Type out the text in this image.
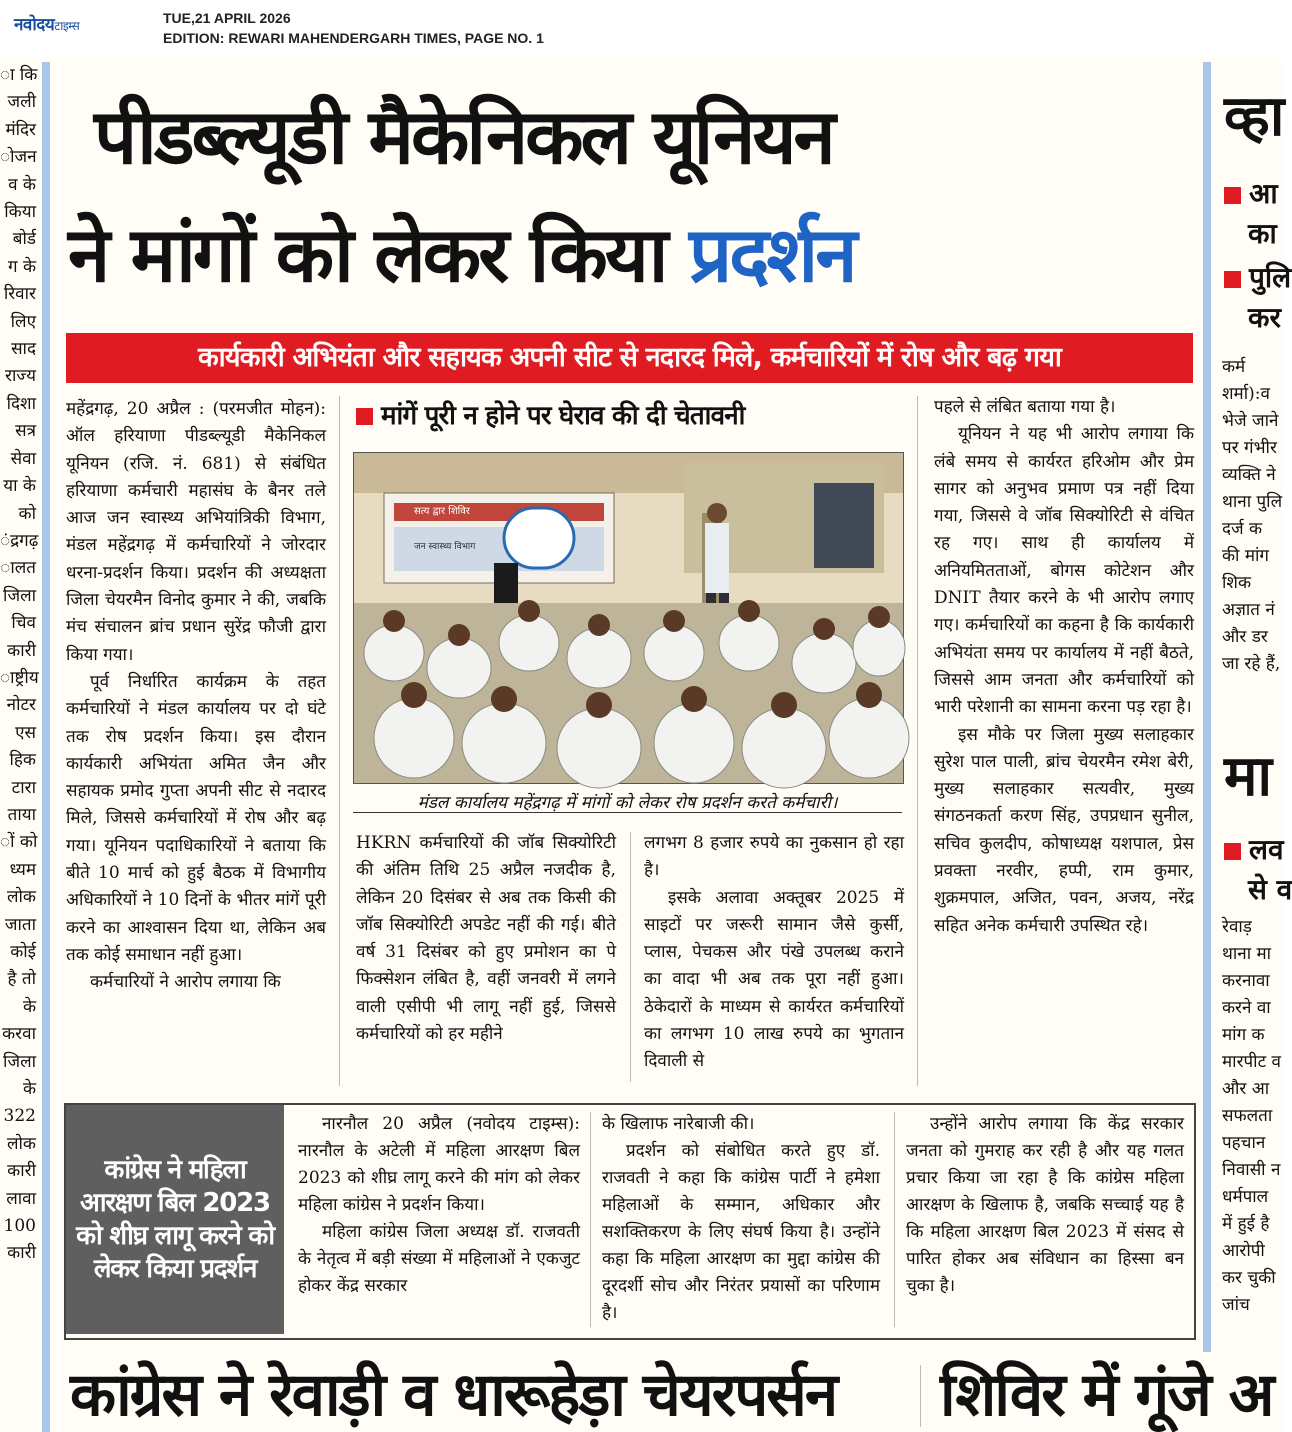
नवोदयटाइम्स	TUE,21 APRIL 2026
EDITION: REWARI MAHENDERGARH TIMES, PAGE NO. 1
ा कि
जली
मंदिर
ोजन
व के
किया
बोर्ड
ग के
रिवार
लिए
साद
राज्य
दिशा
सत्र
सेवा
या के
को
ंद्रगढ़
ालत
जिला
चिव
कारी
ाष्ट्रीय
नोटर
एस
हिक
टारा
ताया
ों को
ध्यम
लोक
जाता
कोई
है तो
के
करवा
जिला
के
322
लोक
कारी
लावा
100
कारी
पीडब्ल्यूडी मैकेनिकल यूनियन
ने मांगों को लेकर किया प्रदर्शन
कार्यकारी अभियंता और सहायक अपनी सीट से नदारद मिले, कर्मचारियों में रोष और बढ़ गया
मांगें पूरी न होने पर घेराव की दी चेतावनी

महेंद्रगढ़, 20 अप्रैल : (परमजीत मोहन): ऑल हरियाणा पीडब्ल्यूडी मैकेनिकल यूनियन (रजि. नं. 681) से संबंधित हरियाणा कर्मचारी महासंघ के बैनर तले आज जन स्वास्थ्य अभियांत्रिकी विभाग, मंडल महेंद्रगढ़ में कर्मचारियों ने जोरदार धरना-प्रदर्शन किया। प्रदर्शन की अध्यक्षता जिला चेयरमैन विनोद कुमार ने की, जबकि मंच संचालन ब्रांच प्रधान सुरेंद्र फौजी द्वारा किया गया।

पूर्व निर्धारित कार्यक्रम के तहत कर्मचारियों ने मंडल कार्यालय पर दो घंटे तक रोष प्रदर्शन किया। इस दौरान कार्यकारी अभियंता अमित जैन और सहायक प्रमोद गुप्ता अपनी सीट से नदारद मिले, जिससे कर्मचारियों में रोष और बढ़ गया। यूनियन पदाधिकारियों ने बताया कि बीते 10 मार्च को हुई बैठक में विभागीय अधिकारियों ने 10 दिनों के भीतर मांगें पूरी करने का आश्वासन दिया था, लेकिन अब तक कोई समाधान नहीं हुआ।

कर्मचारियों ने आरोप लगाया कि

सत्य द्वार शिविर
जन स्वास्थ्य विभाग
मंडल कार्यालय महेंद्रगढ़ में मांगों को लेकर रोष प्रदर्शन करते कर्मचारी।

HKRN कर्मचारियों की जॉब सिक्योरिटी की अंतिम तिथि 25 अप्रैल नजदीक है, लेकिन 20 दिसंबर से अब तक किसी की जॉब सिक्योरिटी अपडेट नहीं की गई। बीते वर्ष 31 दिसंबर को हुए प्रमोशन का पे फिक्सेशन लंबित है, वहीं जनवरी में लगने वाली एसीपी भी लागू नहीं हुई, जिससे कर्मचारियों को हर महीने

लगभग 8 हजार रुपये का नुकसान हो रहा है।

इसके अलावा अक्तूबर 2025 में साइटों पर जरूरी सामान जैसे कुर्सी, प्लास, पेचकस और पंखे उपलब्ध कराने का वादा भी अब तक पूरा नहीं हुआ। ठेकेदारों के माध्यम से कार्यरत कर्मचारियों का लगभग 10 लाख रुपये का भुगतान दिवाली से

पहले से लंबित बताया गया है।

यूनियन ने यह भी आरोप लगाया कि लंबे समय से कार्यरत हरिओम और प्रेम सागर को अनुभव प्रमाण पत्र नहीं दिया गया, जिससे वे जॉब सिक्योरिटी से वंचित रह गए। साथ ही कार्यालय में अनियमितताओं, बोगस कोटेशन और DNIT तैयार करने के भी आरोप लगाए गए। कर्मचारियों का कहना है कि कार्यकारी अभियंता समय पर कार्यालय में नहीं बैठते, जिससे आम जनता और कर्मचारियों को भारी परेशानी का सामना करना पड़ रहा है।

इस मौके पर जिला मुख्य सलाहकार सुरेश पाल पाली, ब्रांच चेयरमैन रमेश बेरी, मुख्य सलाहकार सत्यवीर, मुख्य संगठनकर्ता करण सिंह, उपप्रधान सुनील, सचिव कुलदीप, कोषाध्यक्ष यशपाल, प्रेस प्रवक्ता नरवीर, हप्पी, राम कुमार, शुक्रमपाल, अजित, पवन, अजय, नरेंद्र सहित अनेक कर्मचारी उपस्थित रहे।

कांग्रेस ने महिला आरक्षण बिल 2023 को शीघ्र लागू करने को लेकर किया प्रदर्शन

नारनौल 20 अप्रैल (नवोदय टाइम्स): नारनौल के अटेली में महिला आरक्षण बिल 2023 को शीघ्र लागू करने की मांग को लेकर महिला कांग्रेस ने प्रदर्शन किया।

महिला कांग्रेस जिला अध्यक्ष डॉ. राजवती के नेतृत्व में बड़ी संख्या में महिलाओं ने एकजुट होकर केंद्र सरकार

के खिलाफ नारेबाजी की।

प्रदर्शन को संबोधित करते हुए डॉ. राजवती ने कहा कि कांग्रेस पार्टी ने हमेशा महिलाओं के सम्मान, अधिकार और सशक्तिकरण के लिए संघर्ष किया है। उन्होंने कहा कि महिला आरक्षण का मुद्दा कांग्रेस की दूरदर्शी सोच और निरंतर प्रयासों का परिणाम है।

उन्होंने आरोप लगाया कि केंद्र सरकार जनता को गुमराह कर रही है और यह गलत प्रचार किया जा रहा है कि कांग्रेस महिला आरक्षण के खिलाफ है, जबकि सच्चाई यह है कि महिला आरक्षण बिल 2023 में संसद से पारित होकर अब संविधान का हिस्सा बन चुका है।

कांग्रेस ने रेवाड़ी व धारूहेड़ा चेयरपर्सन शिविर में गूंजे अ
व्हा
आ
का
पुलि
कर
कर्म
शर्मा):व
भेजे जाने
पर गंभीर
व्यक्ति ने
थाना पुलि
दर्ज क
की मांग
शिक
अज्ञात नं
और डर
जा रहे हैं,
मा
लव
से व
रेवाड़
थाना मा
करनावा
करने वा
मांग क
मारपीट व
और आ
सफलता
पहचान
निवासी न
धर्मपाल
में हुई है
आरोपी
कर चुकी
जांच
